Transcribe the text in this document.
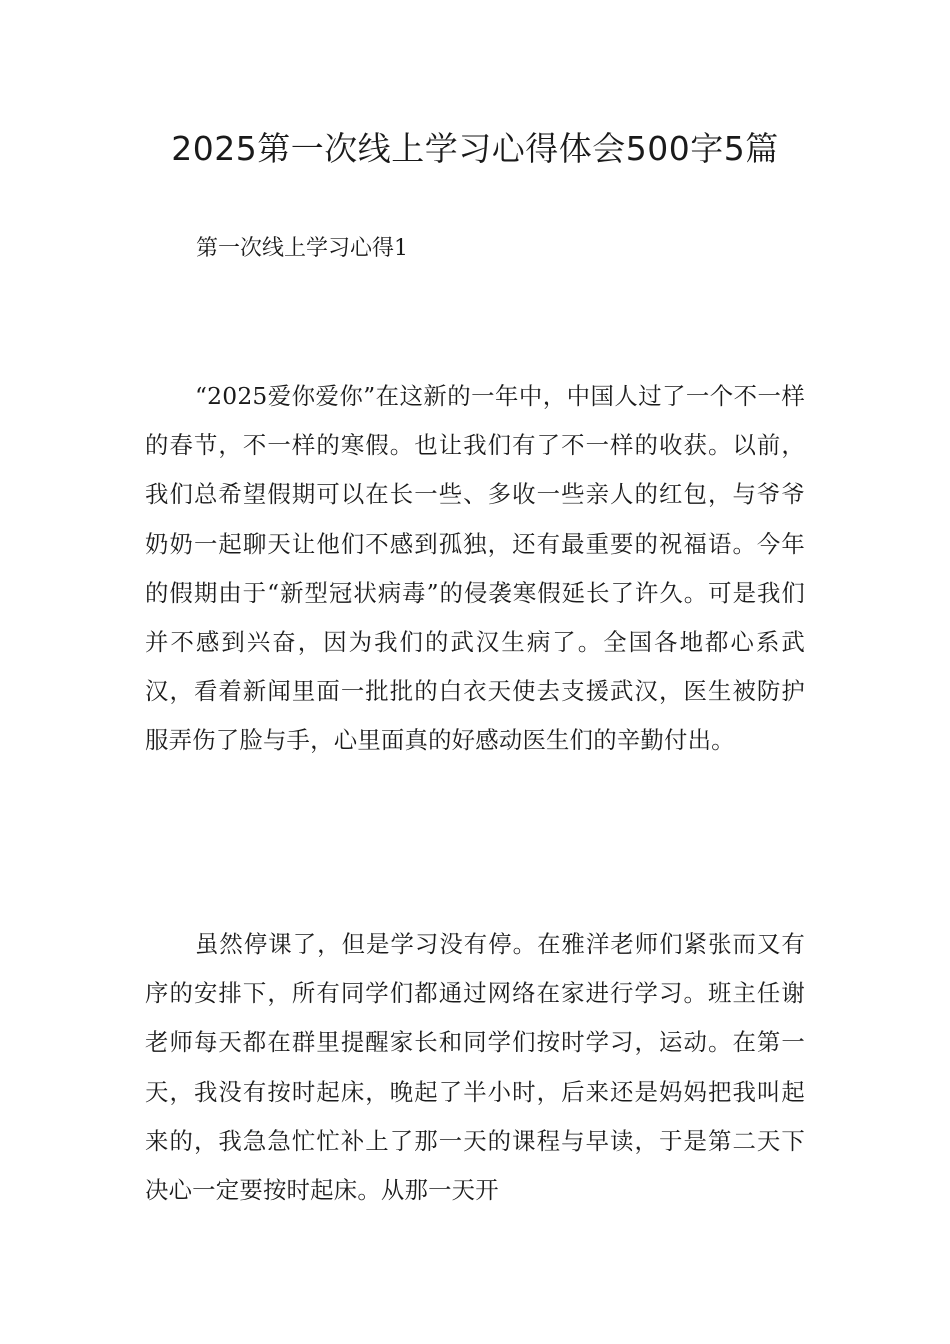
2025第一次线上学习心得体会500字5篇

第一次线上学习心得1

“2025爱你爱你”在这新的一年中，中国人过了一个不一样的春节，不一样的寒假。也让我们有了不一样的收获。以前，我们总希望假期可以在长一些、多收一些亲人的红包，与爷爷奶奶一起聊天让他们不感到孤独，还有最重要的祝福语。今年的假期由于“新型冠状病毒”的侵袭寒假延长了许久。可是我们并不感到兴奋，因为我们的武汉生病了。全国各地都心系武汉，看着新闻里面一批批的白衣天使去支援武汉，医生被防护服弄伤了脸与手，心里面真的好感动医生们的辛勤付出。

虽然停课了，但是学习没有停。在雅洋老师们紧张而又有序的安排下，所有同学们都通过网络在家进行学习。班主任谢老师每天都在群里提醒家长和同学们按时学习，运动。在第一天，我没有按时起床，晚起了半小时，后来还是妈妈把我叫起来的，我急急忙忙补上了那一天的课程与早读，于是第二天下决心一定要按时起床。从那一天开
